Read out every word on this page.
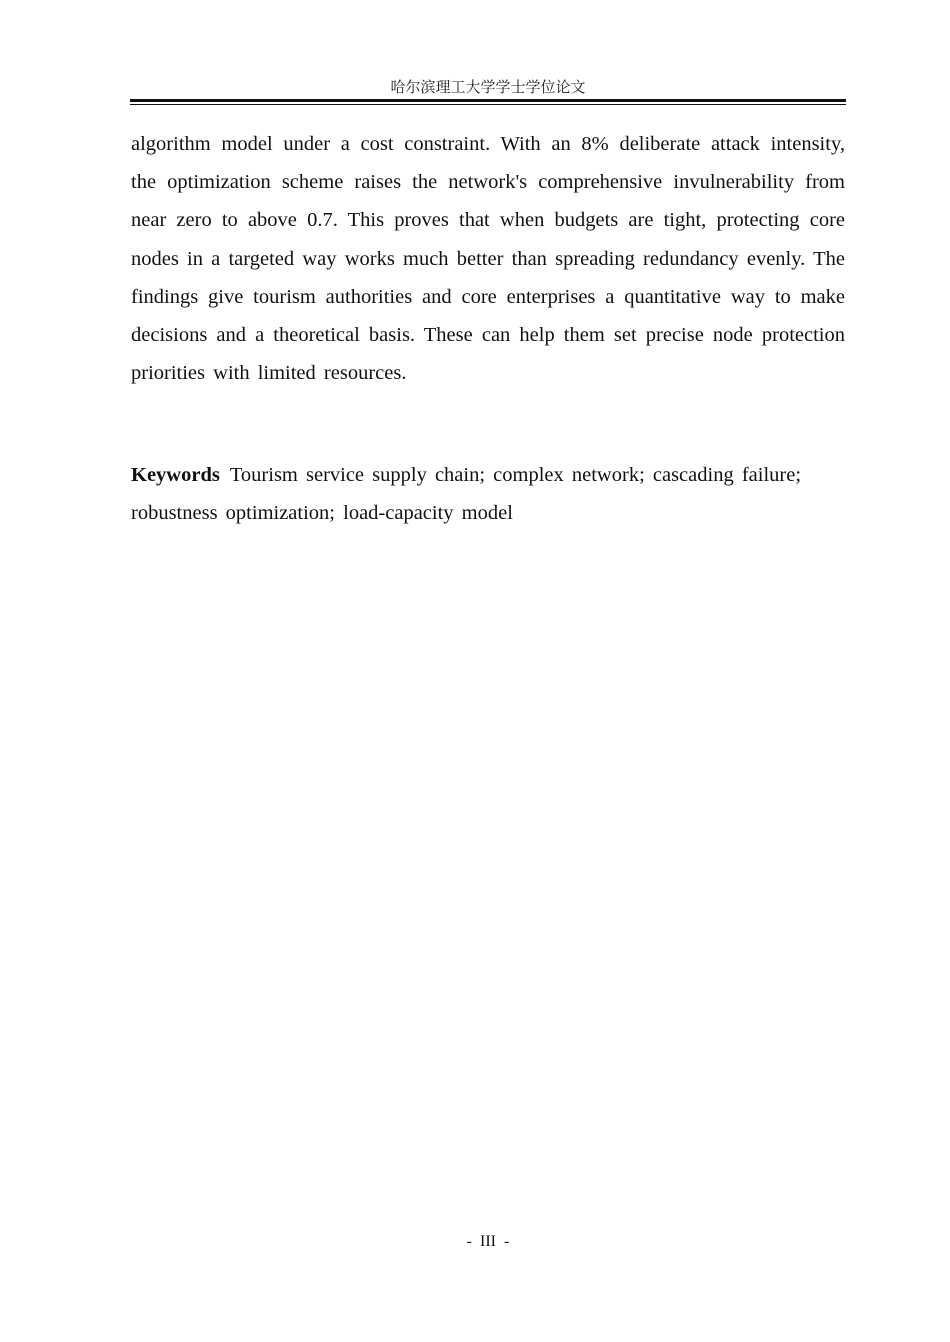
哈尔滨理工大学学士学位论文

algorithm model under a cost constraint. With an 8% deliberate attack intensity, the optimization scheme raises the network's comprehensive invulnerability from near zero to above 0.7. This proves that when budgets are tight, protecting core nodes in a targeted way works much better than spreading redundancy evenly. The findings give tourism authorities and core enterprises a quantitative way to make decisions and a theoretical basis. These can help them set precise node protection priorities with limited resources.

Keywords Tourism service supply chain; complex network; cascading failure; robustness optimization; load-capacity model

- III -
